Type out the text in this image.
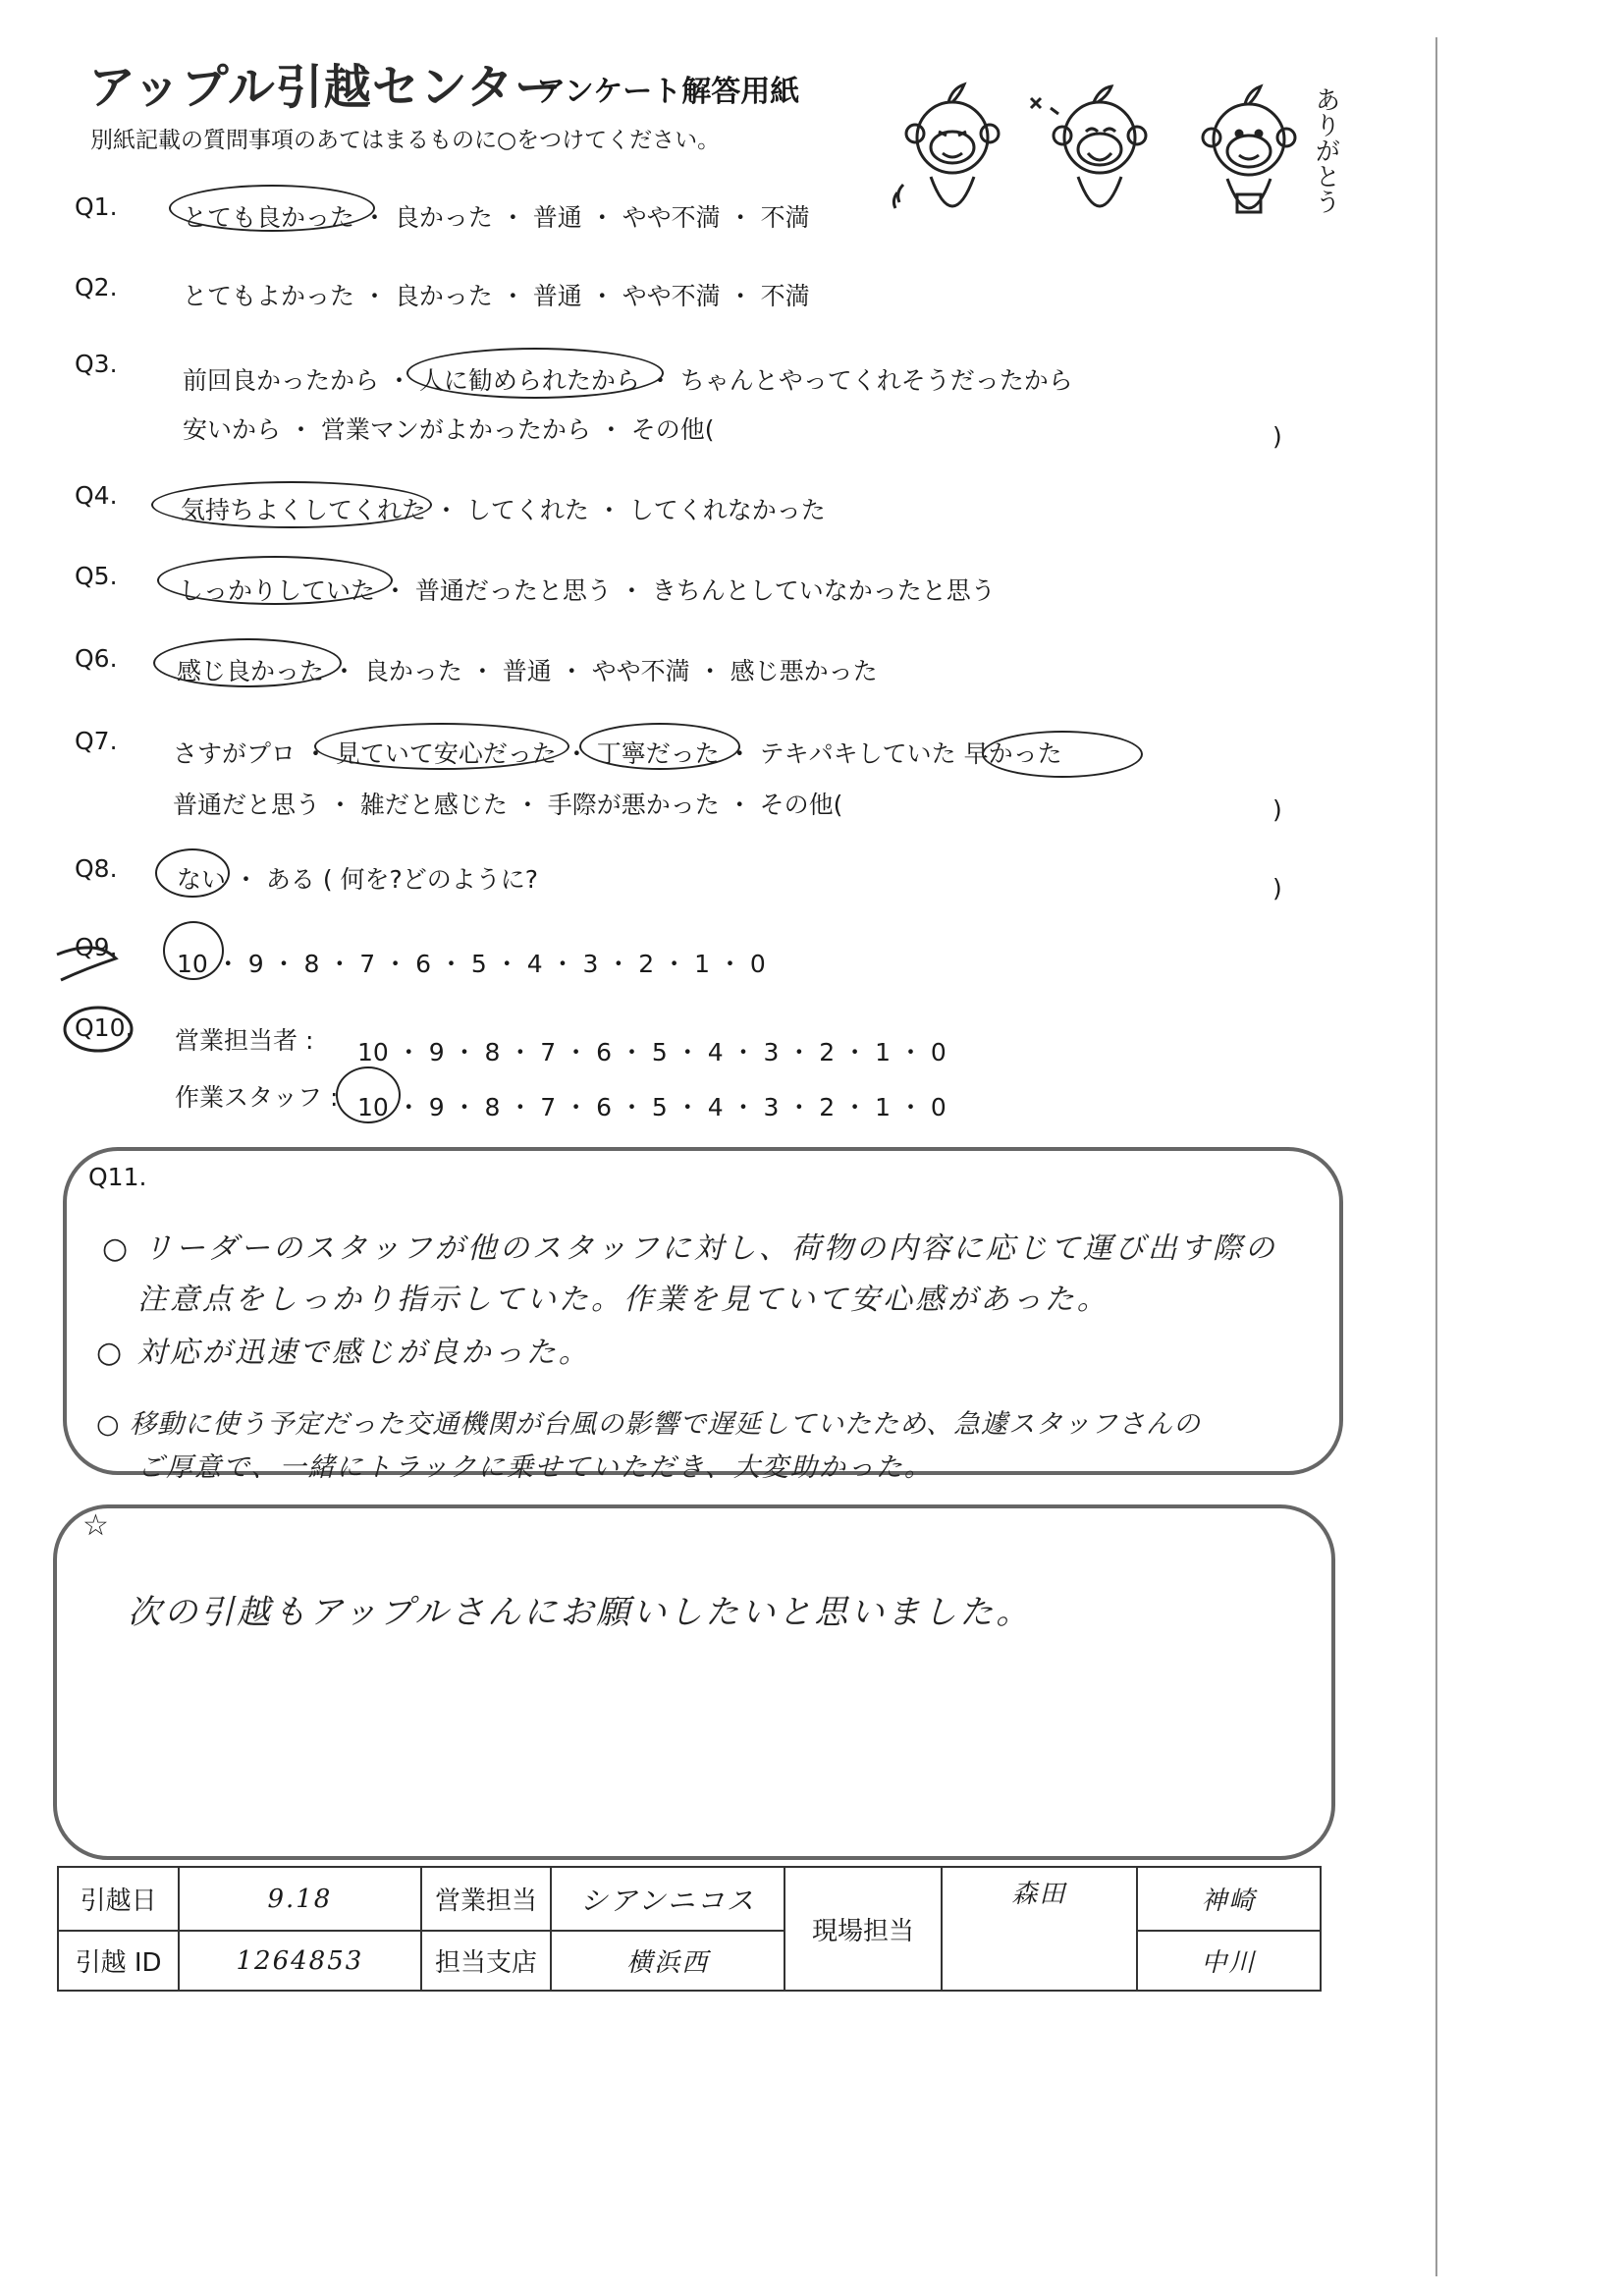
アップル引越センター
アンケート解答用紙
別紙記載の質問事項のあてはまるものに○をつけてください。	ありがとう
Q1.	とても良かった ・ 良かった ・ 普通 ・ やや不満 ・ 不満
Q2.	とてもよかった ・ 良かった ・ 普通 ・ やや不満 ・ 不満
Q3.
前回良かったから ・ 人に勧められたから ・ ちゃんとやってくれそうだったから
安いから ・ 営業マンがよかったから ・ その他(	)
Q4.
気持ちよくしてくれた ・ してくれた ・ してくれなかった
Q5.
しっかりしていた ・ 普通だったと思う ・ きちんとしていなかったと思う
Q6. 感じ良かった ・ 良かった ・ 普通 ・ やや不満 ・ 感じ悪かった
Q7. さすがプロ ・ 見ていて安心だった ・ 丁寧だった ・ テキパキしていた 早かった
普通だと思う ・ 雑だと感じた ・ 手際が悪かった ・ その他(	)
Q8. ない ・ ある ( 何を?どのように?	)
Q9.
10 ・ 9 ・ 8 ・ 7 ・ 6 ・ 5 ・ 4 ・ 3 ・ 2 ・ 1 ・ 0
Q10. 営業担当者 : 10 ・ 9 ・ 8 ・ 7 ・ 6 ・ 5 ・ 4 ・ 3 ・ 2 ・ 1 ・ 0
作業スタッフ : 10 ・ 9 ・ 8 ・ 7 ・ 6 ・ 5 ・ 4 ・ 3 ・ 2 ・ 1 ・ 0
Q11.
○ リーダーのスタッフが他のスタッフに対し、荷物の内容に応じて運び出す際の
注意点をしっかり指示していた。作業を見ていて安心感があった。
○ 対応が迅速で感じが良かった。
○ 移動に使う予定だった交通機関が台風の影響で遅延していたため、急遽スタッフさんの
ご厚意で、一緒にトラックに乗せていただき、大変助かった。
☆
次の引越もアップルさんにお願いしたいと思いました。
引越日	9.18	営業担当	シアンニコス	現場担当	森田	神崎
引越 ID	1264853	担当支店	横浜西			中川
